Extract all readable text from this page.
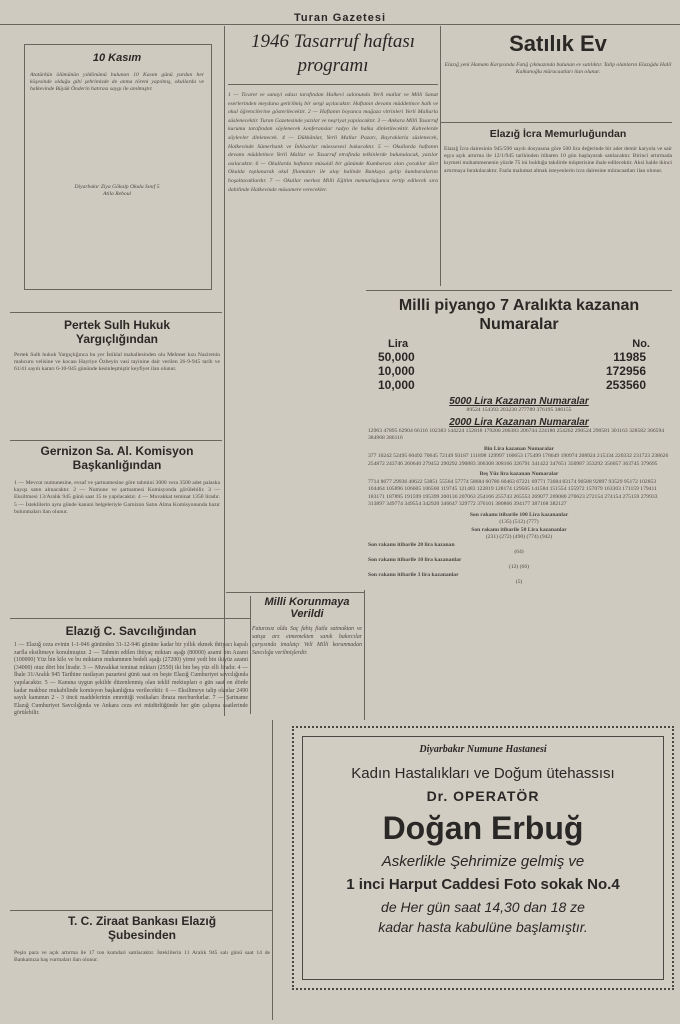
Turan Gazetesi
10 Kasım
Atatürkün ölümünün yıldönümü bulunan 10 Kasım günü yurdun her köşesinde olduğu gibi şehrimizde de anma töreni yapılmış, okullarda ve halkevinde Büyük Önderin hatırası saygı ile anılmıştır.
Diyarbakır Ziya Gökalp Okulu Sınıf 5
Atila Reboul
Pertek Sulh Hukuk
Yargıçlığından
Pertek Sulh hukuk Yargıçlığınca bu yer İstiklal mahallesinden olu Mehmet kızı Nazirenin mahcuru velisine ve kocası Hayriye Özbeyin vasi tayinine dair verilen 26-9-945 tarih ve 61/41 sayılı kararı 6-10-945 gününde kesinleşmiştir keyfiyet ilan olunur.
Gernizon Sa. Al. Komisyon
Başkanlığından
1 — Mevcut numunesine, evsaf ve şartnamesine göre tahmini 3000 vera 3500 adet palaska kayışı satın alınacaktır. 2 — Numune ve şartnamesi Komisyonda görülebilir. 3 — Eksiltmesi 13/Aralık 945 günü saat 15 te yapılacaktır. 4 — Muvakkat teminat 1350 liradır. 5 — İsteklilerin aynı günde kanuni belgeleriyle Garnizon Satın Alma Komisyonunda hazır bulunmaları ilan olunur.
Elazığ C. Savcılığından
1 — Elazığ ceza evinin 1-1-946 gününden 31-12-946 gününe kadar bir yıllık ekmek ihtiyacı kapalı zarfla eksiltmeye konulmuştur. 2 — Tahmin edilen ihtiyaç miktarı aşağı (80000) azami bin Azami (100000) Yüz bin kilo ve bu miktarın muhammen bedeli aşağı (27200) yirmi yedi bin ikiyüz azami (34000) otuz dört bin liradır. 3 — Muvakkat teminat miktarı (2550) iki bin beş yüz elli liradır. 4 — İhale 31/Aralık 945 Tarihine rastlayan pazartesi günü saat on beşte Elazığ Cumhuriyet savcılığında yapılacaktır. 5 — Kanuna uygun şekilde düzenlenmiş olan teklif mektupları o gün saat on dörde kadar makbuz mukabilinde komisyon başkanlığına verilecektir. 6 — Eksiltmeye talip olanlar 2490 sayılı kanunun 2 - 3 üncü maddelerinin emrettiği vesikaları ibraza mecburdurlar. 7 — Şartname Elazığ Cumhuriyet Savcılığında ve Ankara ceza evi müdürlüğünde her gün çalışma saatlerinde görülebilir.
T. C. Ziraat Bankası Elazığ
Şubesinden
Peşin para ve açık artırma ile 17 ton kumdari satılacaktır. İsteklilerin 11 Aralık 945 salı günü saat 14 de Bankamıza baş vurmaları ilan olunur.
1946 Tasarruf haftası
programı
1 — Ticaret ve sanayi odası tarafından Halkevi salonunda Yerli mallar ve Milli Sanat eserlerinden meydana getirilmiş bir sergi açılacaktır. Haftanın devamı müddetince halk ve okul öğrencilerine gösterilecektir. 2 — Haftanın boyunca mağaza vitrinleri Yerli Mallarla süslenecektir. Turan Gazetesinde yazılar ve neşriyat yapılacaktır. 3 — Ankara Milli Tasarruf kurumu tarafından söylenecek konferanslar radyo ile halka dinletilecektir. Kahvelerde söylevler dinlenecek. 4 — Dükkânlar, Yerli Mallar Pazarı, Bayraklarla süslenecek, Halkevinde Sümerbank ve İnhisarlar müessesesi bakacaktır. 5 — Okullarda haftanın devamı müddetince Yerli Mallar ve Tasarruf etrafında telkinlerde bulunulacak, yazılar asılacaktır. 6 — Okullarda haftanın müsaidi bir gününde Kumbarası olan çocuklar dört Okulda toplanarak okul filamaları ile alay halinde Bankaya gelip kumbaralarını boşaltacaklardır. 7 — Okullar merkez Milli Eğitim memurluğunca tertip edilecek sıra dahilinde Halkevinde müsamere verecekler.
Milli Korunmaya Verildi
Faturasız oldu Saç fahiş fiatla satmaktan ve satışa arz etmemekten sanık bakırcılar çarşısında imalatçı Veli Milli korunmadan Savcılığa verilmişlerdir.
Satılık Ev
Elazığ yeni Hamam Karşısında Fatığ çıkmazında bulunan ev satılıktır. Talip olanların Elazığda Halil Kalkanoğlu müracaatları ilan olunur.
Elazığ İcra Memurluğundan
Elazığ İcra dairesinin 945/596 sayılı dosyasına göre 500 lira değerinde bir adet demir karyola ve sair eşya açık artırma ile 12/1/945 tarihinden itibaren 10 gün başlayarak satılacaktır. Birinci artırmada kıymeti muhammenenin yüzde 75 ini bulduğu takdirde müşterisine ihale edilecektir. Aksi halde ikinci artırmaya bırakılacaktır. Fazla malumat almak isteyenlerin icra dairesine müracaatları ilan olunur.
Milli piyango 7 Aralıkta kazanan
Numaralar
Lira	No.
50,000	11985
10,000	172956
10,000	253560
5000 Lira Kazanan Numaralar
89524 154393 203230 277789 376195 386155
2000 Lira Kazanan Numaralar
12963 47895 62904 66116 102383 144224 152818 179200 206383 206744 224180 254262 290524 290581 301163 328582 366594 384968 386116
Bin Lira kazanan Numaralar
377 10242 52495 60492 70645 72149 93187 111898 129997 160653 175499 178649 190974 208924 215334 220332 231723 238626 254872 243746 260640 279452 290292 290883 306308 308166 326791 341422 347651 350987 353292 356057 363745 379695
Beş Yüz lira kazanan Numaralar
7714 8677 29936 40622 53851 55564 57774 58684 60786 60463 67221 69771 73684 83174 90588 92897 93529 95172 102853 104464 105896 106605 106560 119745 121483 122819 128174 129505 141584 151554 155972 157079 163303 171159 179411 183171 187895 191599 195399 200136 207063 254166 255743 265553 269077 269080 270623 272154 274154 275159 279933 313897 349774 349554 342920 346647 329772 376101 380866 394177 387168 382127
Son rakamı itibarile 100 Lira kazananlar
(135) (512) (777)
Son rakamı itibarile 50 Lira kazananlar
(231) (272) (490) (774) (942)
Son rakamı itibarile 20 lira kazanan
(64)
Son rakamı itibarile 10 lira kazananlar
(12) (66)
Son rakamı itibarile 3 lira kazananlar
(5)
Diyarbakır Numune Hastanesi
Kadın Hastalıkları ve Doğum ütehassısı
Dr. OPERATÖR
Doğan Erbuğ
Askerlikle Şehrimize gelmiş ve
1 inci Harput Caddesi Foto sokak No.4
de Her gün saat 14,30 dan 18 ze
kadar hasta kabulüne başlamıştır.
